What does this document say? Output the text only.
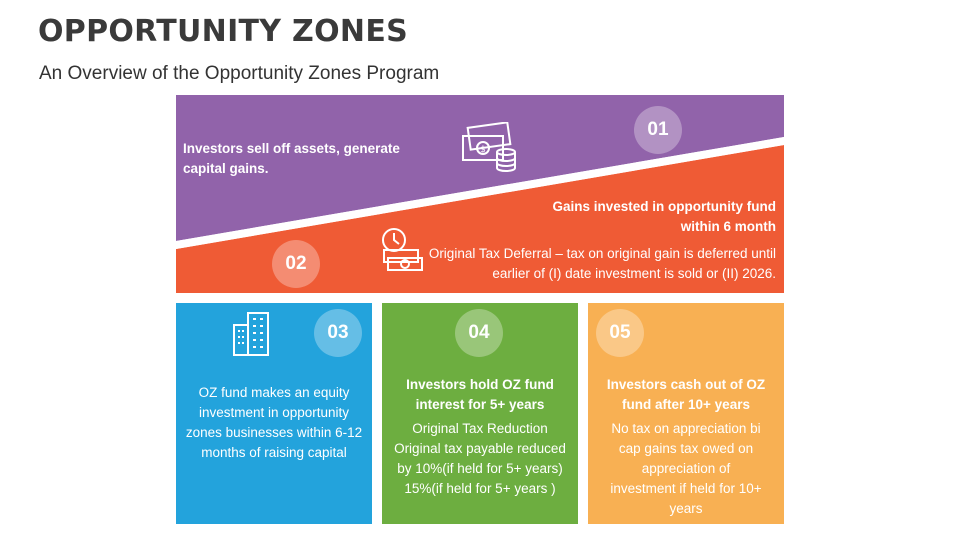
OPPORTUNITY ZONES
An Overview of the Opportunity Zones Program
01
Investors sell off assets, generate capital gains.
$
02
Gains invested in opportunity fund within 6 month
Original Tax Deferral – tax on original gain is deferred until earlier of (I) date investment is sold or (II) 2026.
03
OZ fund makes an equity investment in opportunity zones businesses within 6-12 months of raising capital
04
Investors hold OZ fund interest for 5+ years
Original Tax Reduction Original tax payable reduced by 10%(if held for 5+ years) 15%(if held for 5+ years )
05
Investors cash out of OZ fund after 10+ years
No tax on appreciation bi cap gains tax owed on appreciation of investment if held for 10+ years
